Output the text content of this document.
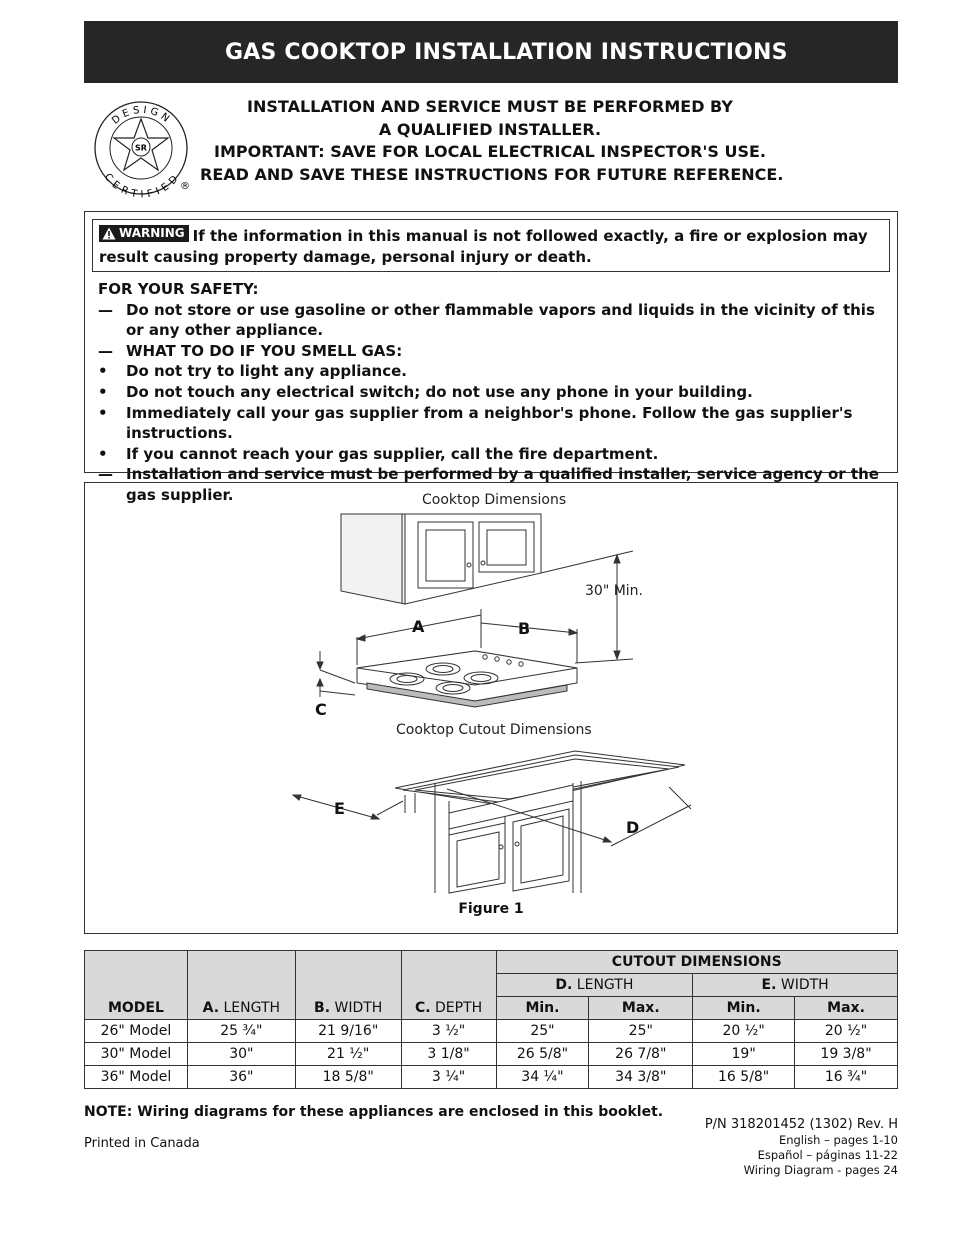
GAS COOKTOP INSTALLATION INSTRUCTIONS
SR
DESIGN
CERTIFIED
®
INSTALLATION AND SERVICE MUST BE PERFORMED BY
A QUALIFIED INSTALLER.
IMPORTANT: SAVE FOR LOCAL ELECTRICAL INSPECTOR'S USE.
READ AND SAVE THESE INSTRUCTIONS FOR FUTURE REFERENCE.
WARNING If the information in this manual is not followed exactly, a fire or explosion may result causing property damage, personal injury or death.
FOR YOUR SAFETY:
— Do not store or use gasoline or other flammable vapors and liquids in the vicinity of this or any other appliance.
— WHAT TO DO IF YOU SMELL GAS:
•	Do not try to light any appliance.
•	Do not touch any electrical switch; do not use any phone in your building.
•	Immediately call your gas supplier from a neighbor's phone. Follow the gas supplier's instructions.
•	If you cannot reach your gas supplier, call the fire department.
— Installation and service must be performed by a qualified installer, service agency or the gas supplier.	Cooktop Dimensions
30" Min.
A	B
C
Cooktop Cutout Dimensions
E
D
Figure 1
				CUTOUT DIMENSIONS			
				D. LENGTH		E. WIDTH	
MODEL	A. LENGTH	B. WIDTH	C. DEPTH	Min.	Max.	Min.	Max.
26" Model	25 ¾"	21 9/16"	3 ½"	25"	25"	20 ½"	20 ½"
30" Model	30"	21 ½"	3 1/8"	26 5/8"	26 7/8"	19"	19 3/8"
36" Model	36"	18 5/8"	3 ¼"	34 ¼"	34 3/8"	16 5/8"	16 ¾"
NOTE: Wiring diagrams for these appliances are enclosed in this booklet.
Printed in Canada
P/N 318201452 (1302) Rev. H
English – pages 1-10
Español – páginas 11-22
Wiring Diagram - pages 24
